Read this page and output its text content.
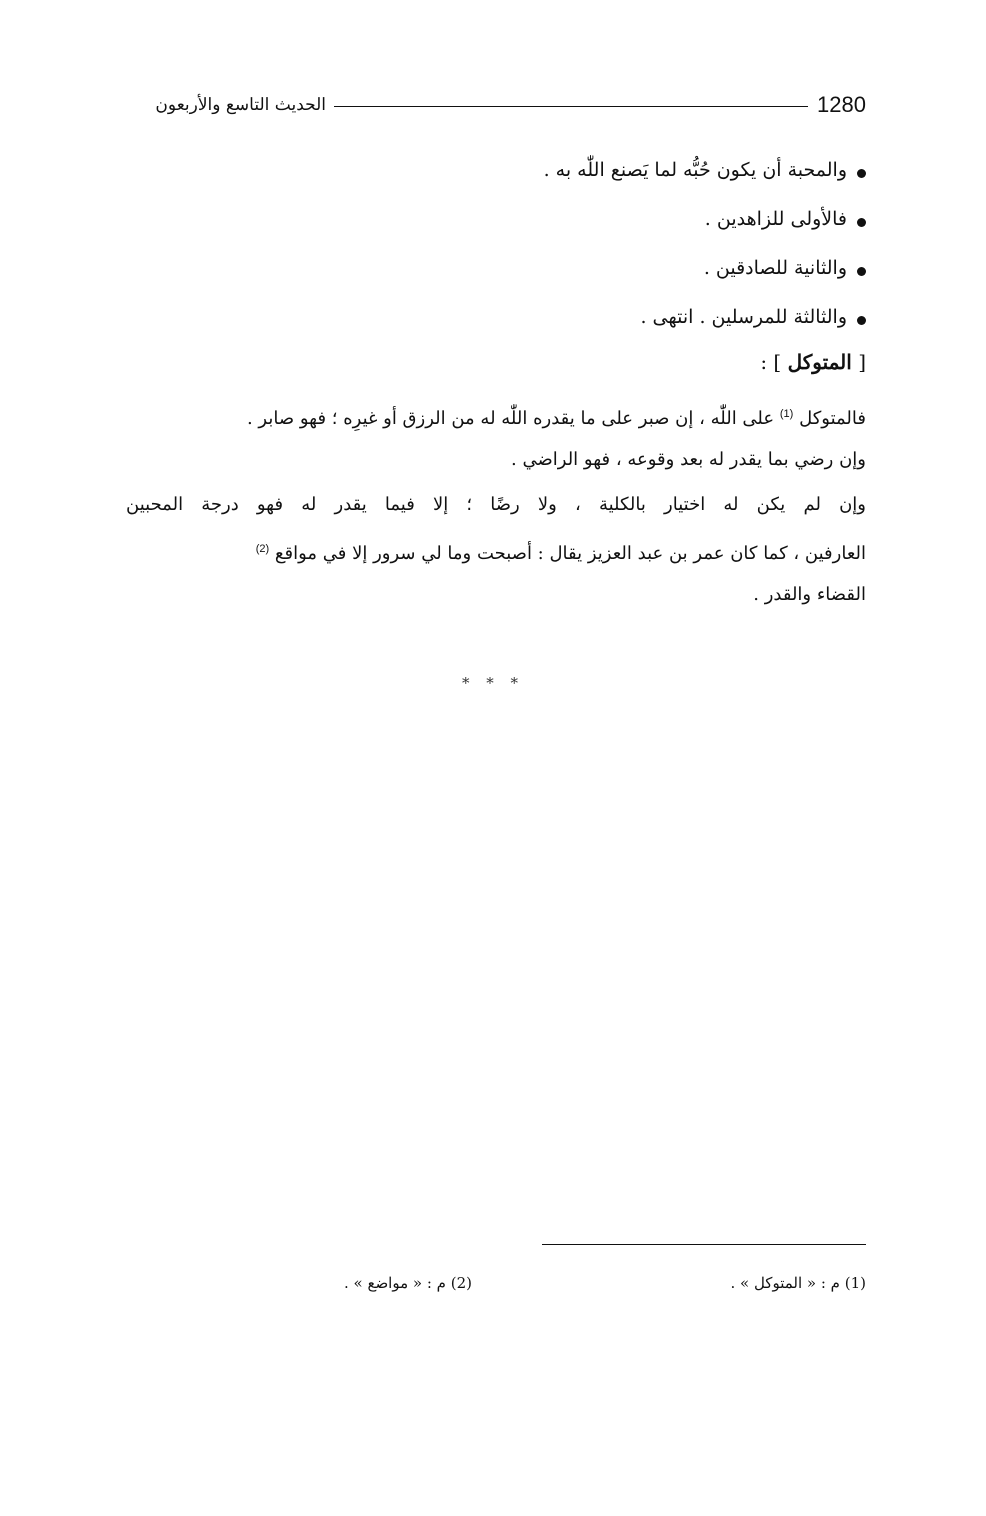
1280
الحديث التاسع والأربعون
والمحبة أن يكون حُبُّه لما يَصنع اللّٰه به .
فالأولى للزاهدين .
والثانية للصادقين .
والثالثة للمرسلين . انتهى .
[ المتوكل ] :
فالمتوكل $^{(1)}$ على اللّٰه ، إن صبر على ما يقدره اللّٰه له من الرزق أو غيرِه ؛ فهو صابر .
وإن رضي بما يقدر له بعد وقوعه ، فهو الراضي .
وإن لم يكن له اختيار بالكلية ، ولا رضًا ؛ إلا فيما يقدر له فهو درجة المحبين
العارفين ، كما كان عمر بن عبد العزيز يقال : أصبحت وما لي سرور إلا في مواقع $^{(2)}$
القضاء والقدر .
* * *
(1) م : « المتوكل » .
(2) م : « مواضع » .
